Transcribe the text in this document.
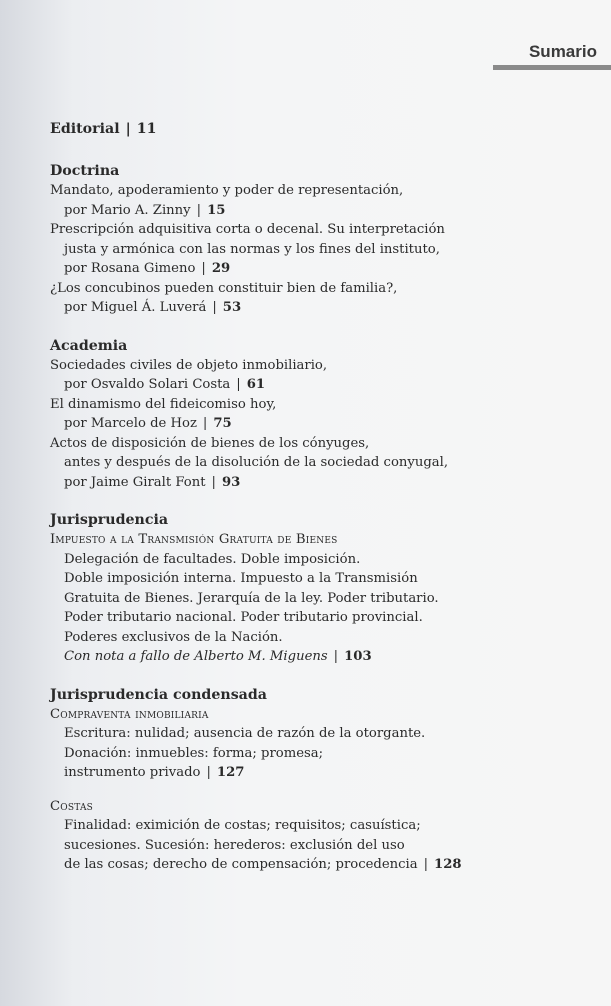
Sumario

Editorial | 11

Doctrina

Mandato, apoderamiento y poder de representación,
por Mario A. Zinny | 15

Prescripción adquisitiva corta o decenal. Su interpretación
justa y armónica con las normas y los fines del instituto,
por Rosana Gimeno | 29

¿Los concubinos pueden constituir bien de familia?,
por Miguel Á. Luverá | 53

Academia

Sociedades civiles de objeto inmobiliario,
por Osvaldo Solari Costa | 61

El dinamismo del fideicomiso hoy,
por Marcelo de Hoz | 75

Actos de disposición de bienes de los cónyuges,
antes y después de la disolución de la sociedad conyugal,
por Jaime Giralt Font | 93

Jurisprudencia

Impuesto a la Transmisión Gratuita de Bienes

Delegación de facultades. Doble imposición.
Doble imposición interna. Impuesto a la Transmisión
Gratuita de Bienes. Jerarquía de la ley. Poder tributario.
Poder tributario nacional. Poder tributario provincial.
Poderes exclusivos de la Nación.
Con nota a fallo de Alberto M. Miguens | 103

Jurisprudencia condensada

Compraventa inmobiliaria

Escritura: nulidad; ausencia de razón de la otorgante.
Donación: inmuebles: forma; promesa;
instrumento privado | 127

Costas

Finalidad: eximición de costas; requisitos; casuística;
sucesiones. Sucesión: herederos: exclusión del uso
de las cosas; derecho de compensación; procedencia | 128
